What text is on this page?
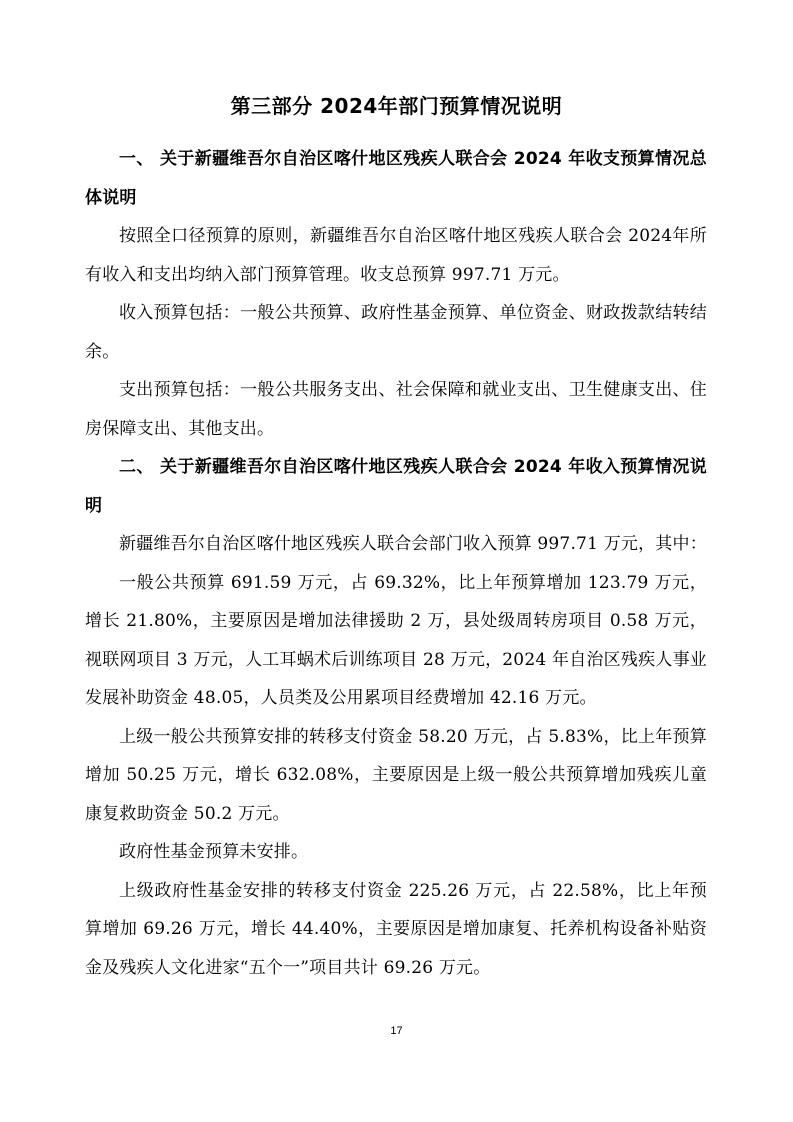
第三部分 2024年部门预算情况说明

一、 关于新疆维吾尔自治区喀什地区残疾人联合会 2024 年收支预算情况总体说明

按照全口径预算的原则，新疆维吾尔自治区喀什地区残疾人联合会 2024年所有收入和支出均纳入部门预算管理。收支总预算 997.71 万元。

收入预算包括：一般公共预算、政府性基金预算、单位资金、财政拨款结转结余。

支出预算包括：一般公共服务支出、社会保障和就业支出、卫生健康支出、住房保障支出、其他支出。

二、 关于新疆维吾尔自治区喀什地区残疾人联合会 2024 年收入预算情况说明

新疆维吾尔自治区喀什地区残疾人联合会部门收入预算 997.71 万元，其中：

一般公共预算 691.59 万元，占 69.32%，比上年预算增加 123.79 万元，增长 21.80%，主要原因是增加法律援助 2 万，县处级周转房项目 0.58 万元，视联网项目 3 万元，人工耳蜗术后训练项目 28 万元，2024 年自治区残疾人事业发展补助资金 48.05，人员类及公用累项目经费增加 42.16 万元。

上级一般公共预算安排的转移支付资金 58.20 万元，占 5.83%，比上年预算增加 50.25 万元，增长 632.08%，主要原因是上级一般公共预算增加残疾儿童康复救助资金 50.2 万元。

政府性基金预算未安排。

上级政府性基金安排的转移支付资金 225.26 万元，占 22.58%，比上年预算增加 69.26 万元，增长 44.40%，主要原因是增加康复、托养机构设备补贴资金及残疾人文化进家“五个一”项目共计 69.26 万元。

17
